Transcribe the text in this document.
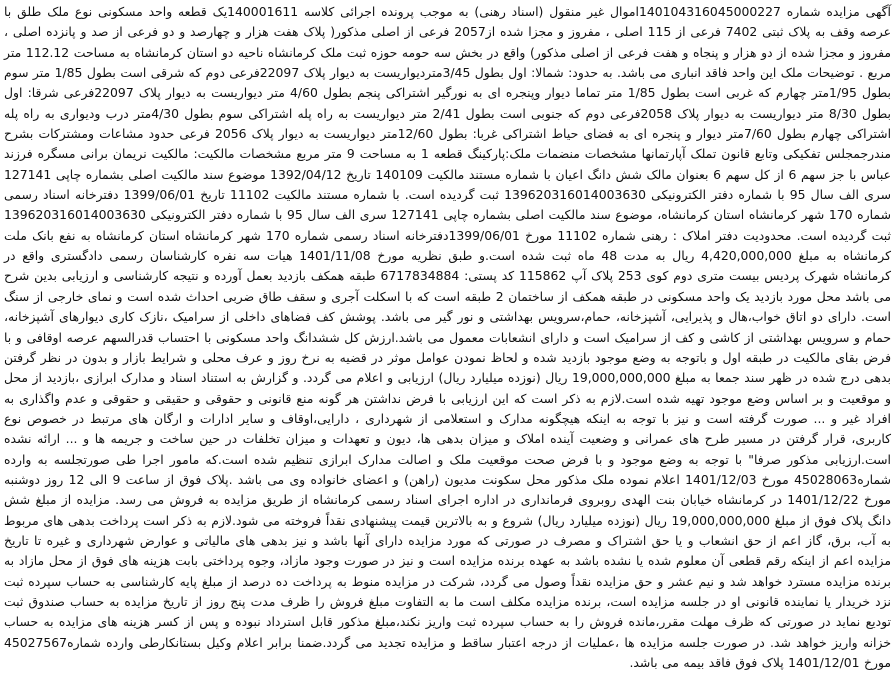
آگهی مزایده شماره 140104316045000227اموال غیر منقول (اسناد رهنی) به موجب پرونده اجرائی کلاسه 140001611یک قطعه واحد مسکونی نوع ملک طلق با عرصه وقف به پلاک ثبتی 7402 فرعی از 115 اصلی ، مفروز و مجزا شده از2057 فرعی از اصلی مذکور( پلاک هفت هزار و چهارصد و دو فرعی از صد و پانزده اصلی ، مفروز و مجزا شده از دو هزار و پنجاه و هفت فرعی از اصلی مذکور) واقع در بخش سه حومه حوزه ثبت ملک کرمانشاه ناحیه دو استان کرمانشاه به مساحت 112.12 متر مربع . توضیحات ملک این واحد فاقد انباری می باشد. به حدود: شمالا: اول بطول 3/45متردیواریست به دیوار پلاک 22097فرعی دوم که شرقی است بطول 1/85 متر سوم بطول 1/95متر چهارم که غربی است بطول 1/85 متر تماما دیوار وپنجره ای به نورگیر اشتراکی پنجم بطول 4/60 متر دیواریست به دیوار پلاک 22097فرعی شرقا: اول بطول 8/30 متر دیواریست به دیوار پلاک 2058فرعی دوم که جنوبی است بطول 2/41 متر دیواریست به راه پله اشتراکی سوم بطول 4/30متر درب ودیواری به راه پله اشتراکی چهارم بطول 7/60متر دیوار و پنجره ای به فضای حیاط اشتراکی غربا: بطول 12/60متر دیواریست به دیوار پلاک 2056 فرعی حدود مشاعات ومشترکات بشرح مندرجمجلس تفکیکی وتابع قانون تملک آپارتمانها مشخصات منضمات ملک:پارکینگ قطعه 1 به مساحت 9 متر مربع مشخصات مالکیت: مالکیت نریمان برانی مسگره فرزند عباس با جز سهم 6 از کل سهم 6 بعنوان مالک شش دانگ اعیان با شماره مستند مالکیت 140109 تاریخ 1392/04/12 موضوع سند مالکیت اصلی بشماره چاپی 127141 سری الف سال 95 با شماره دفتر الکترونیکی 139620316014003630 ثبت گردیده است. با شماره مستند مالکیت 11102 تاریخ 1399/06/01 دفترخانه اسناد رسمی شماره 170 شهر کرمانشاه استان کرمانشاه، موضوع سند مالکیت اصلی بشماره چاپی 127141 سری الف سال 95 با شماره دفتر الکترونیکی 139620316014003630 ثبت گردیده است. محدودیت دفتر املاک : رهنی شماره 11102 مورخ 1399/06/01دفترخانه اسناد رسمی شماره 170 شهر کرمانشاه استان کرمانشاه به نفع بانک ملت کرمانشاه به مبلغ 4,420,000,000 ریال به مدت 48 ماه ثبت شده است.و طبق نظریه مورخ 1401/11/08 هیات سه نفره کارشناسان رسمی دادگستری واقع در کرمانشاه شهرک پردیس بیست متری دوم کوی 253 پلاک آپ 115862 کد پستی: 6717834884 طبقه همکف بازدید بعمل آورده و نتیجه کارشناسی و ارزیابی بدین شرح می باشد محل مورد بازدید یک واحد مسکونی در طبقه همکف از ساختمان 2 طبقه است که با اسکلت آجری و سقف طاق ضربی احداث شده است و نمای خارجی از سنگ است. دارای دو اتاق خواب،هال و پذیرایی، آشپزخانه، حمام،سرویس بهداشتی و نور گیر می باشد. پوشش کف فضاهای داخلی از سرامیک ،نازک کاری دیوارهای آشپزخانه، حمام و سرویس بهداشتی از کاشی و کف از سرامیک است و دارای انشعابات معمول می باشد.ارزش کل ششدانگ واحد مسکونی با احتساب قدرالسهم عرصه اوقافی و با فرض بقای مالکیت در طبقه اول و باتوجه به وضع موجود بازدید شده و لحاظ نمودن عوامل موثر در قضیه به نرخ روز و عرف محلی و شرایط بازار و بدون در نظر گرفتن بدهی درج شده در ظهر سند جمعا به مبلغ 19,000,000,000 ریال (نوزده میلیارد ریال) ارزیابی و اعلام می گردد. و گزارش به استناد اسناد و مدارک ابرازی ،بازدید از محل و موقعیت و بر اساس وضع موجود تهیه شده است.لازم به ذکر است که این ارزیابی با فرض نداشتن هر گونه منع قانونی و حقوقی و حقیقی و حقوقی و عدم واگذاری به افراد غیر و ... صورت گرفته است و نیز با توجه به اینکه هیچگونه مدارک و استعلامی از شهرداری ، دارایی،اوقاف و سایر ادارات و ارگان های مرتبط در خصوص نوع کاربری، قرار گرفتن در مسیر طرح های عمرانی و وضعیت آینده املاک و میزان بدهی ها، دیون و تعهدات و میزان تخلفات در حین ساخت و جریمه ها و ... ارائه نشده است.ارزیابی مذکور صرفا" با توجه به وضع موجود و با فرض صحت موقعیت ملک و اصالت مدارک ابرازی تنظیم شده است.که مامور اجرا طی صورتجلسه به وارده شماره45028063 مورخ 1401/12/03 اعلام نموده ملک مذکور محل سکونت مدیون (راهن) و اعضای خانواده وی می باشد .پلاک فوق از ساعت 9 الی 12 روز دوشنبه مورخ 1401/12/22 در کرمانشاه خیابان بنت الهدی روبروی فرمانداری در اداره اجرای اسناد رسمی کرمانشاه از طریق مزایده به فروش می رسد. مزایده از مبلغ شش دانگ پلاک فوق از مبلغ 19,000,000,000 ریال (نوزده میلیارد ریال) شروع و به بالاترین قیمت پیشنهادی نقداً فروخته می شود.لازم به ذکر است پرداخت بدهی های مربوط به آب، برق، گاز اعم از حق انشعاب و یا حق اشتراک و مصرف در صورتی که مورد مزایده دارای آنها باشد و نیز بدهی های مالیاتی و عوارض شهرداری و غیره تا تاریخ مزایده اعم از اینکه رقم قطعی آن معلوم شده یا نشده باشد به عهده برنده مزایده است و نیز در صورت وجود مازاد، وجوه پرداختی بابت هزینه های فوق از محل مازاد به برنده مزایده مسترد خواهد شد و نیم عشر و حق مزایده نقداً وصول می گردد، شرکت در مزایده منوط به پرداخت ده درصد از مبلغ پایه کارشناسی به حساب سپرده ثبت نزد خریدار یا نماینده قانونی او در جلسه مزایده است، برنده مزایده مکلف است ما به التفاوت مبلغ فروش را ظرف مدت پنج روز از تاریخ مزایده به حساب صندوق ثبت تودیع نماید در صورتی که ظرف مهلت مقرر،مانده فروش را به حساب سپرده ثبت واریز نکند،مبلغ مذکور قابل استرداد نبوده و پس از کسر هزینه های مزایده به حساب خزانه واریز خواهد شد. در صورت جلسه مزایده ها ،عملیات از درجه اعتبار ساقط و مزایده تجدید می گردد.ضمنا برابر اعلام وکیل بستانکارطی وارده شماره45027567 مورخ 1401/12/01 پلاک فوق فاقد بیمه می باشد.
